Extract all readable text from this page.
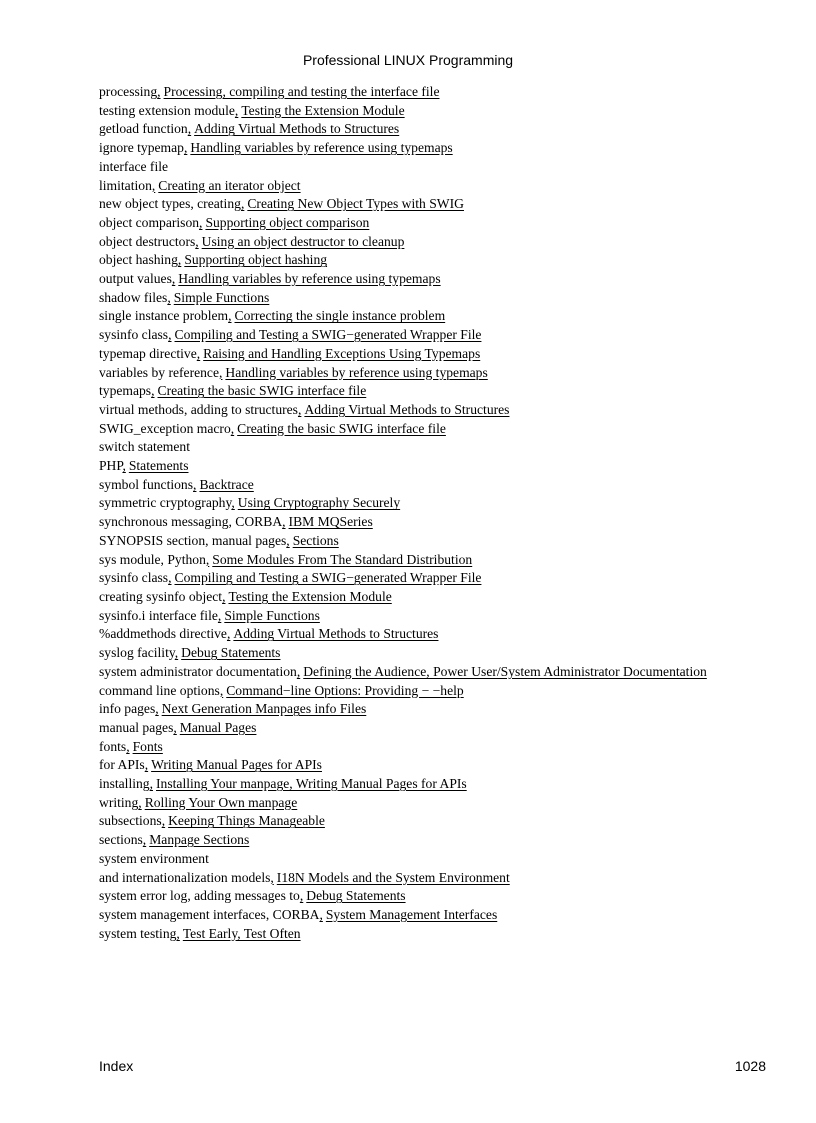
Professional LINUX Programming
processing, Processing, compiling and testing the interface file
testing extension module, Testing the Extension Module
getload function, Adding Virtual Methods to Structures
ignore typemap, Handling variables by reference using typemaps
interface file
limitation, Creating an iterator object
new object types, creating, Creating New Object Types with SWIG
object comparison, Supporting object comparison
object destructors, Using an object destructor to cleanup
object hashing, Supporting object hashing
output values, Handling variables by reference using typemaps
shadow files, Simple Functions
single instance problem, Correcting the single instance problem
sysinfo class, Compiling and Testing a SWIG−generated Wrapper File
typemap directive, Raising and Handling Exceptions Using Typemaps
variables by reference, Handling variables by reference using typemaps
typemaps, Creating the basic SWIG interface file
virtual methods, adding to structures, Adding Virtual Methods to Structures
SWIG_exception macro, Creating the basic SWIG interface file
switch statement
PHP, Statements
symbol functions, Backtrace
symmetric cryptography, Using Cryptography Securely
synchronous messaging, CORBA, IBM MQSeries
SYNOPSIS section, manual pages, Sections
sys module, Python, Some Modules From The Standard Distribution
sysinfo class, Compiling and Testing a SWIG−generated Wrapper File
creating sysinfo object, Testing the Extension Module
sysinfo.i interface file, Simple Functions
%addmethods directive, Adding Virtual Methods to Structures
syslog facility, Debug Statements
system administrator documentation, Defining the Audience, Power User/System Administrator Documentation
command line options, Command−line Options: Providing − −help
info pages, Next Generation Manpages info Files
manual pages, Manual Pages
fonts, Fonts
for APIs, Writing Manual Pages for APIs
installing, Installing Your manpage, Writing Manual Pages for APIs
writing, Rolling Your Own manpage
subsections, Keeping Things Manageable
sections, Manpage Sections
system environment
and internationalization models, I18N Models and the System Environment
system error log, adding messages to, Debug Statements
system management interfaces, CORBA, System Management Interfaces
system testing, Test Early, Test Often
Index	1028
